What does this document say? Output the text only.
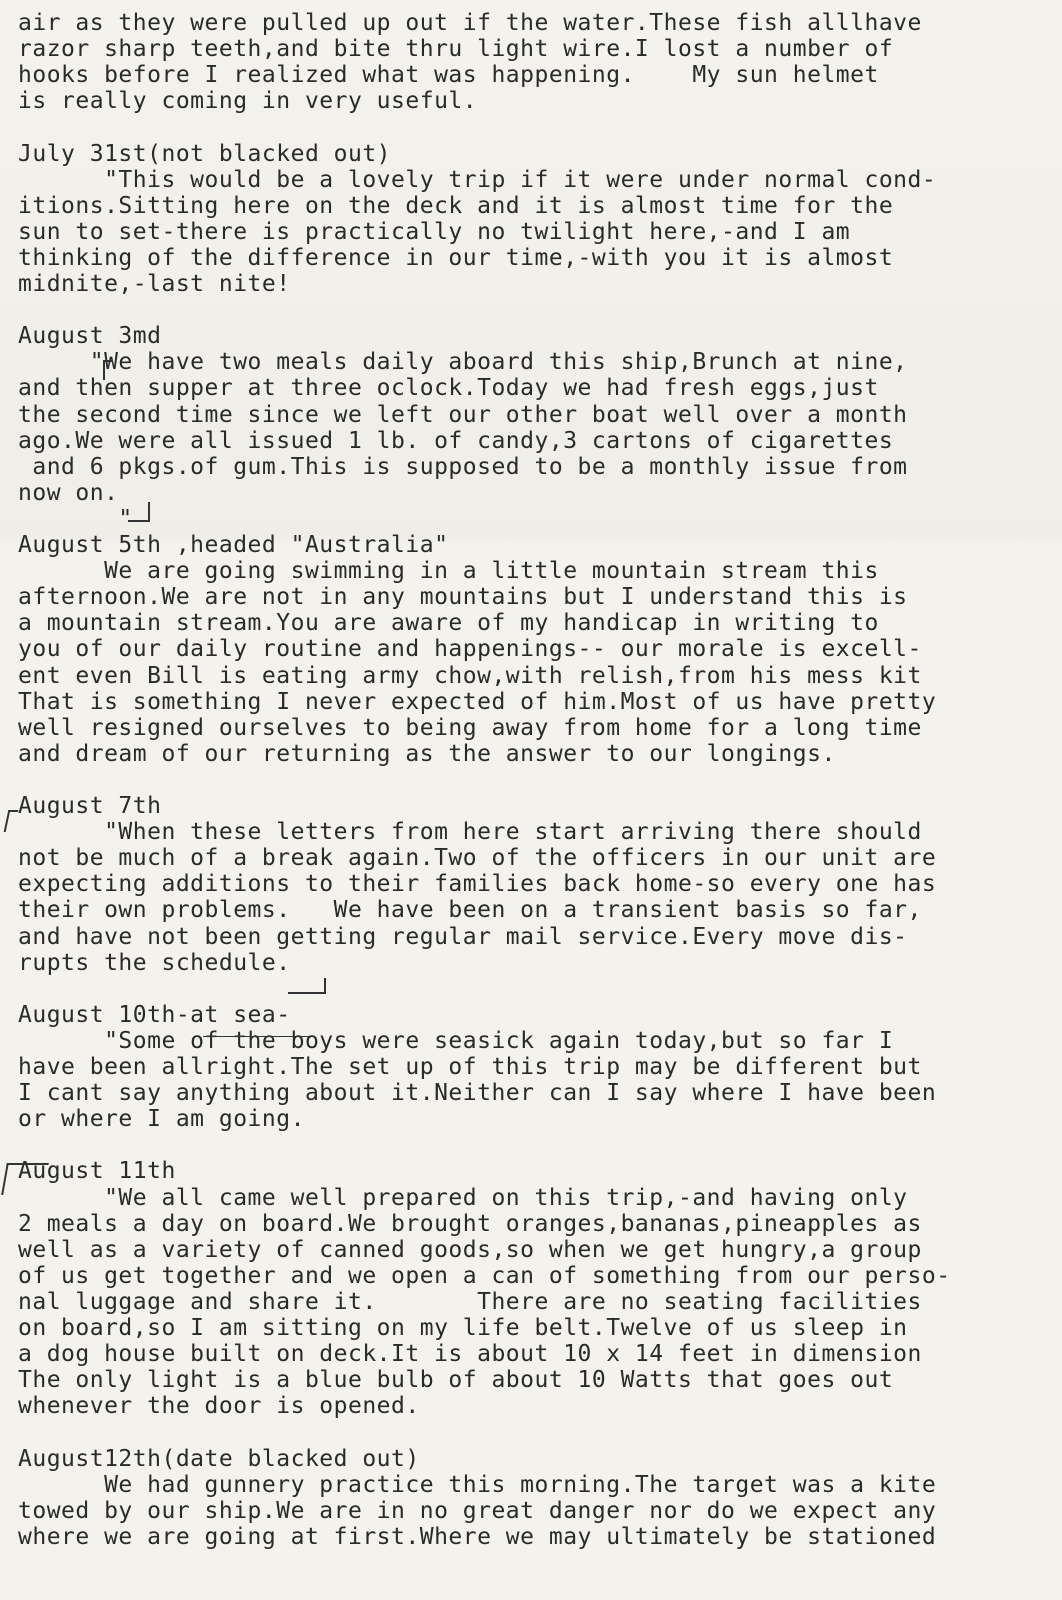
air as they were pulled up out if the water.These fish alllhave

razor sharp teeth,and bite thru light wire.I lost a number of

hooks before I realized what was happening.    My sun helmet

is really coming in very useful.

July 31st(not blacked out)

"This would be a lovely trip if it were under normal cond-

itions.Sitting here on the deck and it is almost time for the

sun to set-there is practically no twilight here,-and I am

thinking of the difference in our time,-with you it is almost

midnite,-last nite!

August 3md

"We have two meals daily aboard this ship,Brunch at nine,

and then supper at three oclock.Today we had fresh eggs,just

the second time since we left our other boat well over a month

ago.We were all issued 1 lb. of candy,3 cartons of cigarettes

and 6 pkgs.of gum.This is supposed to be a monthly issue from

now on.

"

August 5th ,headed "Australia"

We are going swimming in a little mountain stream this

afternoon.We are not in any mountains but I understand this is

a mountain stream.You are aware of my handicap in writing to

you of our daily routine and happenings-- our morale is excell-

ent even Bill is eating army chow,with relish,from his mess kit

That is something I never expected of him.Most of us have pretty

well resigned ourselves to being away from home for a long time

and dream of our returning as the answer to our longings.

August 7th

"When these letters from here start arriving there should

not be much of a break again.Two of the officers in our unit are

expecting additions to their families back home-so every one has

their own problems.   We have been on a transient basis so far,

and have not been getting regular mail service.Every move dis-

rupts the schedule.

August 10th-at sea-

"Some of the boys were seasick again today,but so far I

have been allright.The set up of this trip may be different but

I cant say anything about it.Neither can I say where I have been

or where I am going.

August 11th

"We all came well prepared on this trip,-and having only

2 meals a day on board.We brought oranges,bananas,pineapples as

well as a variety of canned goods,so when we get hungry,a group

of us get together and we open a can of something from our perso-

nal luggage and share it.       There are no seating facilities

on board,so I am sitting on my life belt.Twelve of us sleep in

a dog house built on deck.It is about 10 x 14 feet in dimension

The only light is a blue bulb of about 10 Watts that goes out

whenever the door is opened.

August12th(date blacked out)

We had gunnery practice this morning.The target was a kite

towed by our ship.We are in no great danger nor do we expect any

where we are going at first.Where we may ultimately be stationed
